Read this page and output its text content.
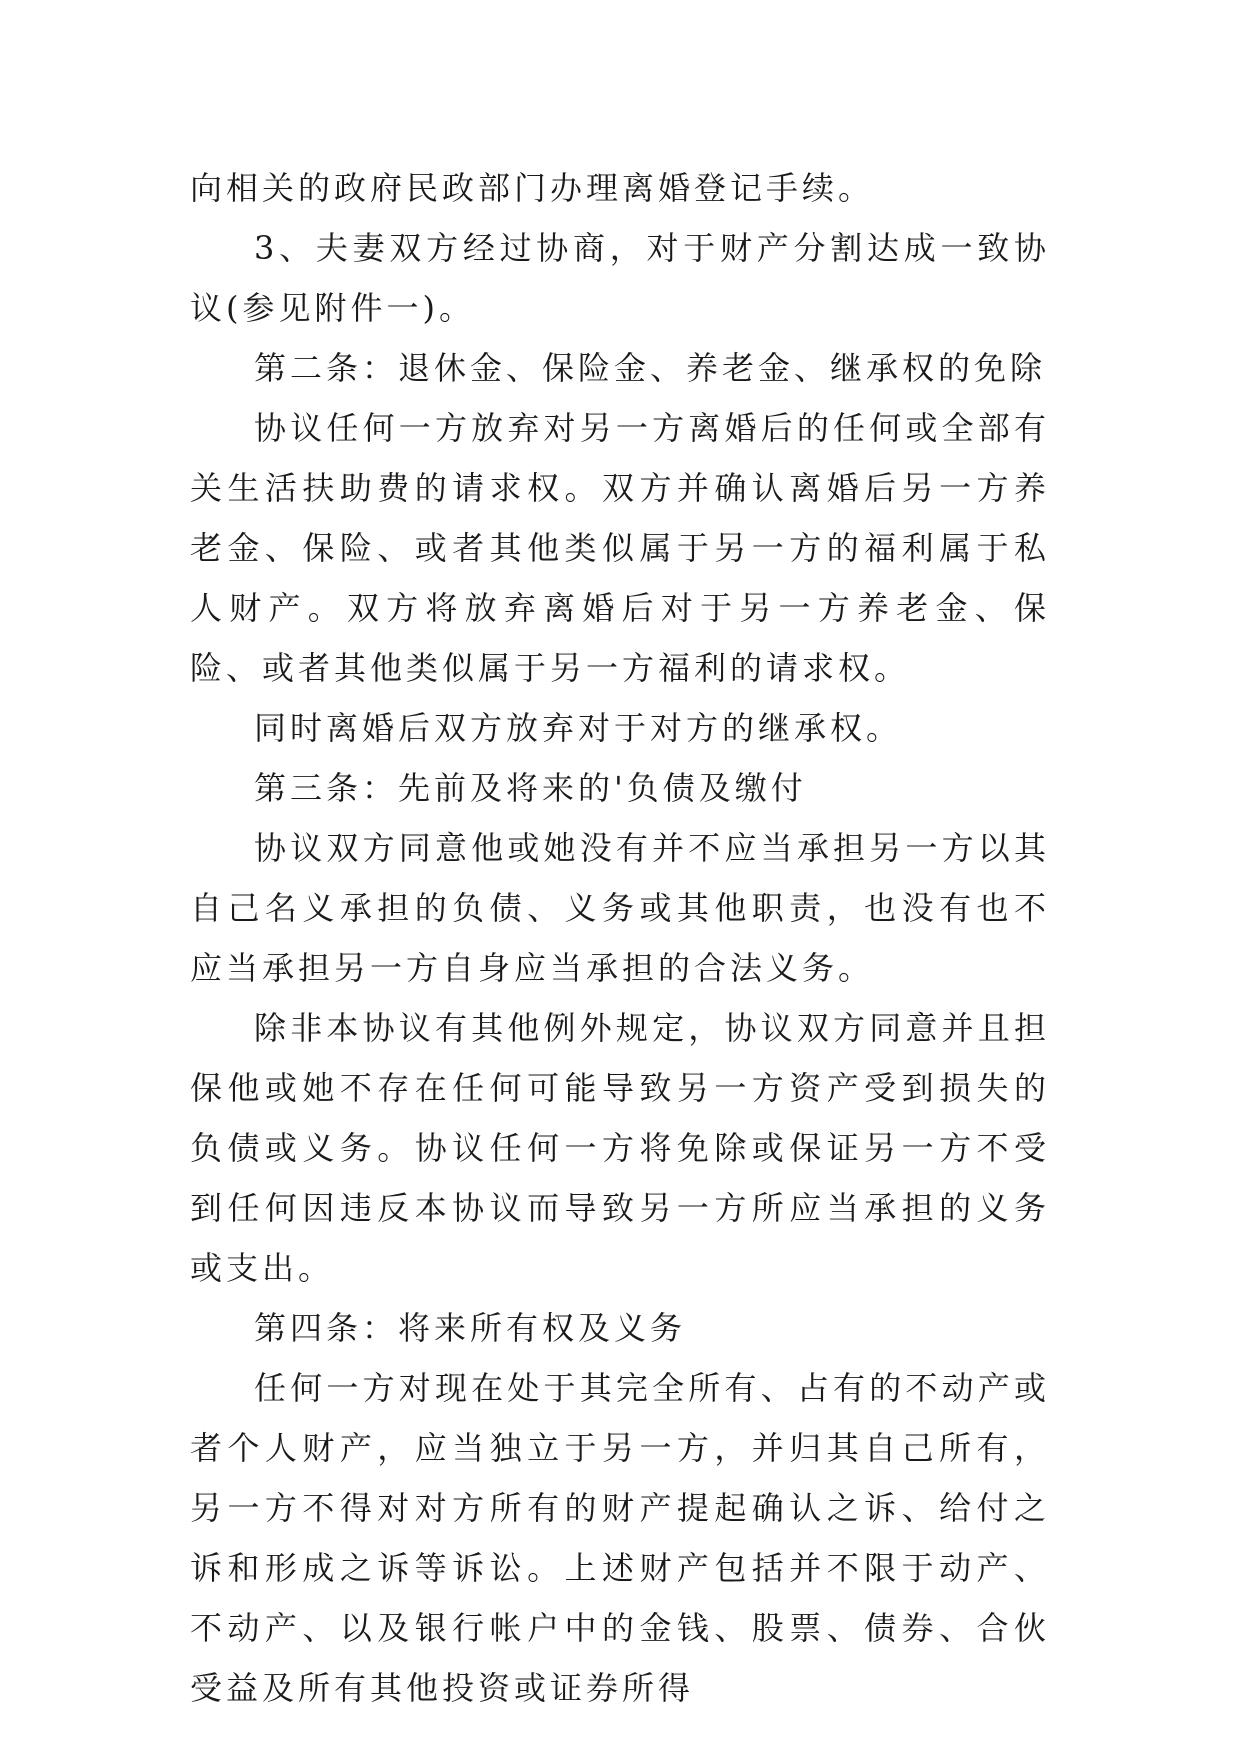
向相关的政府民政部门办理离婚登记手续。

3、夫妻双方经过协商，对于财产分割达成一致协议(参见附件一)。

第二条：退休金、保险金、养老金、继承权的免除

协议任何一方放弃对另一方离婚后的任何或全部有关生活扶助费的请求权。双方并确认离婚后另一方养老金、保险、或者其他类似属于另一方的福利属于私人财产。双方将放弃离婚后对于另一方养老金、保险、或者其他类似属于另一方福利的请求权。

同时离婚后双方放弃对于对方的继承权。

第三条：先前及将来的'负债及缴付

协议双方同意他或她没有并不应当承担另一方以其自己名义承担的负债、义务或其他职责，也没有也不应当承担另一方自身应当承担的合法义务。

除非本协议有其他例外规定，协议双方同意并且担保他或她不存在任何可能导致另一方资产受到损失的负债或义务。协议任何一方将免除或保证另一方不受到任何因违反本协议而导致另一方所应当承担的义务或支出。

第四条：将来所有权及义务

任何一方对现在处于其完全所有、占有的不动产或者个人财产，应当独立于另一方，并归其自己所有，另一方不得对对方所有的财产提起确认之诉、给付之诉和形成之诉等诉讼。上述财产包括并不限于动产、不动产、以及银行帐户中的金钱、股票、债券、合伙受益及所有其他投资或证券所得
